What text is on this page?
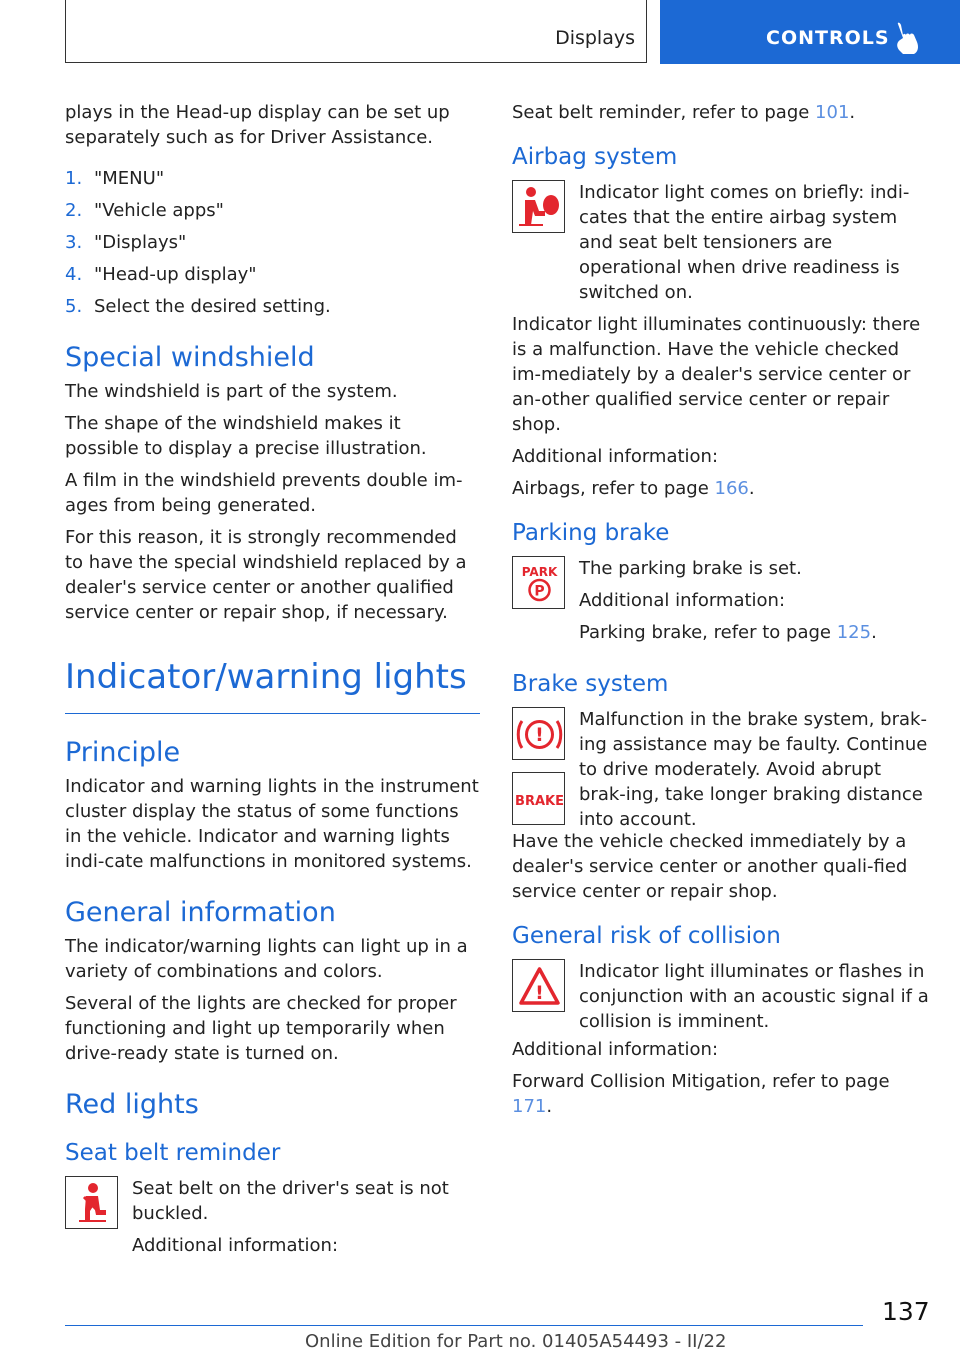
Displays	CONTROLS

plays in the Head-up display can be set up separately such as for Driver Assistance.

1. "MENU"
2. "Vehicle apps"
3. "Displays"
4. "Head-up display"
5. Select the desired setting.
Special windshield

The windshield is part of the system.

The shape of the windshield makes it possible to display a precise illustration.

A film in the windshield prevents double im-ages from being generated.

For this reason, it is strongly recommended to have the special windshield replaced by a dealer's service center or another qualified service center or repair shop, if necessary.

Indicator/warning lights
Principle

Indicator and warning lights in the instrument cluster display the status of some functions in the vehicle. Indicator and warning lights indi-cate malfunctions in monitored systems.

General information

The indicator/warning lights can light up in a variety of combinations and colors.

Several of the lights are checked for proper functioning and light up temporarily when drive-ready state is turned on.

Red lights
Seat belt reminder

Seat belt on the driver's seat is not buckled.

Additional information:

Seat belt reminder, refer to page 101.

Airbag system

Indicator light comes on briefly: indi-cates that the entire airbag system and seat belt tensioners are operational when drive readiness is switched on.

Indicator light illuminates continuously: there is a malfunction. Have the vehicle checked im-mediately by a dealer's service center or an-other qualified service center or repair shop.

Additional information:

Airbags, refer to page 166.

Parking brake
PARK
P

The parking brake is set.

Additional information:

Parking brake, refer to page 125.

Brake system
!
BRAKE

Malfunction in the brake system, brak-ing assistance may be faulty. Continue to drive moderately. Avoid abrupt brak-ing, take longer braking distance into account.

Have the vehicle checked immediately by a dealer's service center or another quali-fied service center or repair shop.

General risk of collision
!

Indicator light illuminates or flashes in conjunction with an acoustic signal if a collision is imminent.

Additional information:

Forward Collision Mitigation, refer to page 171.

137
Online Edition for Part no. 01405A54493 - II/22
